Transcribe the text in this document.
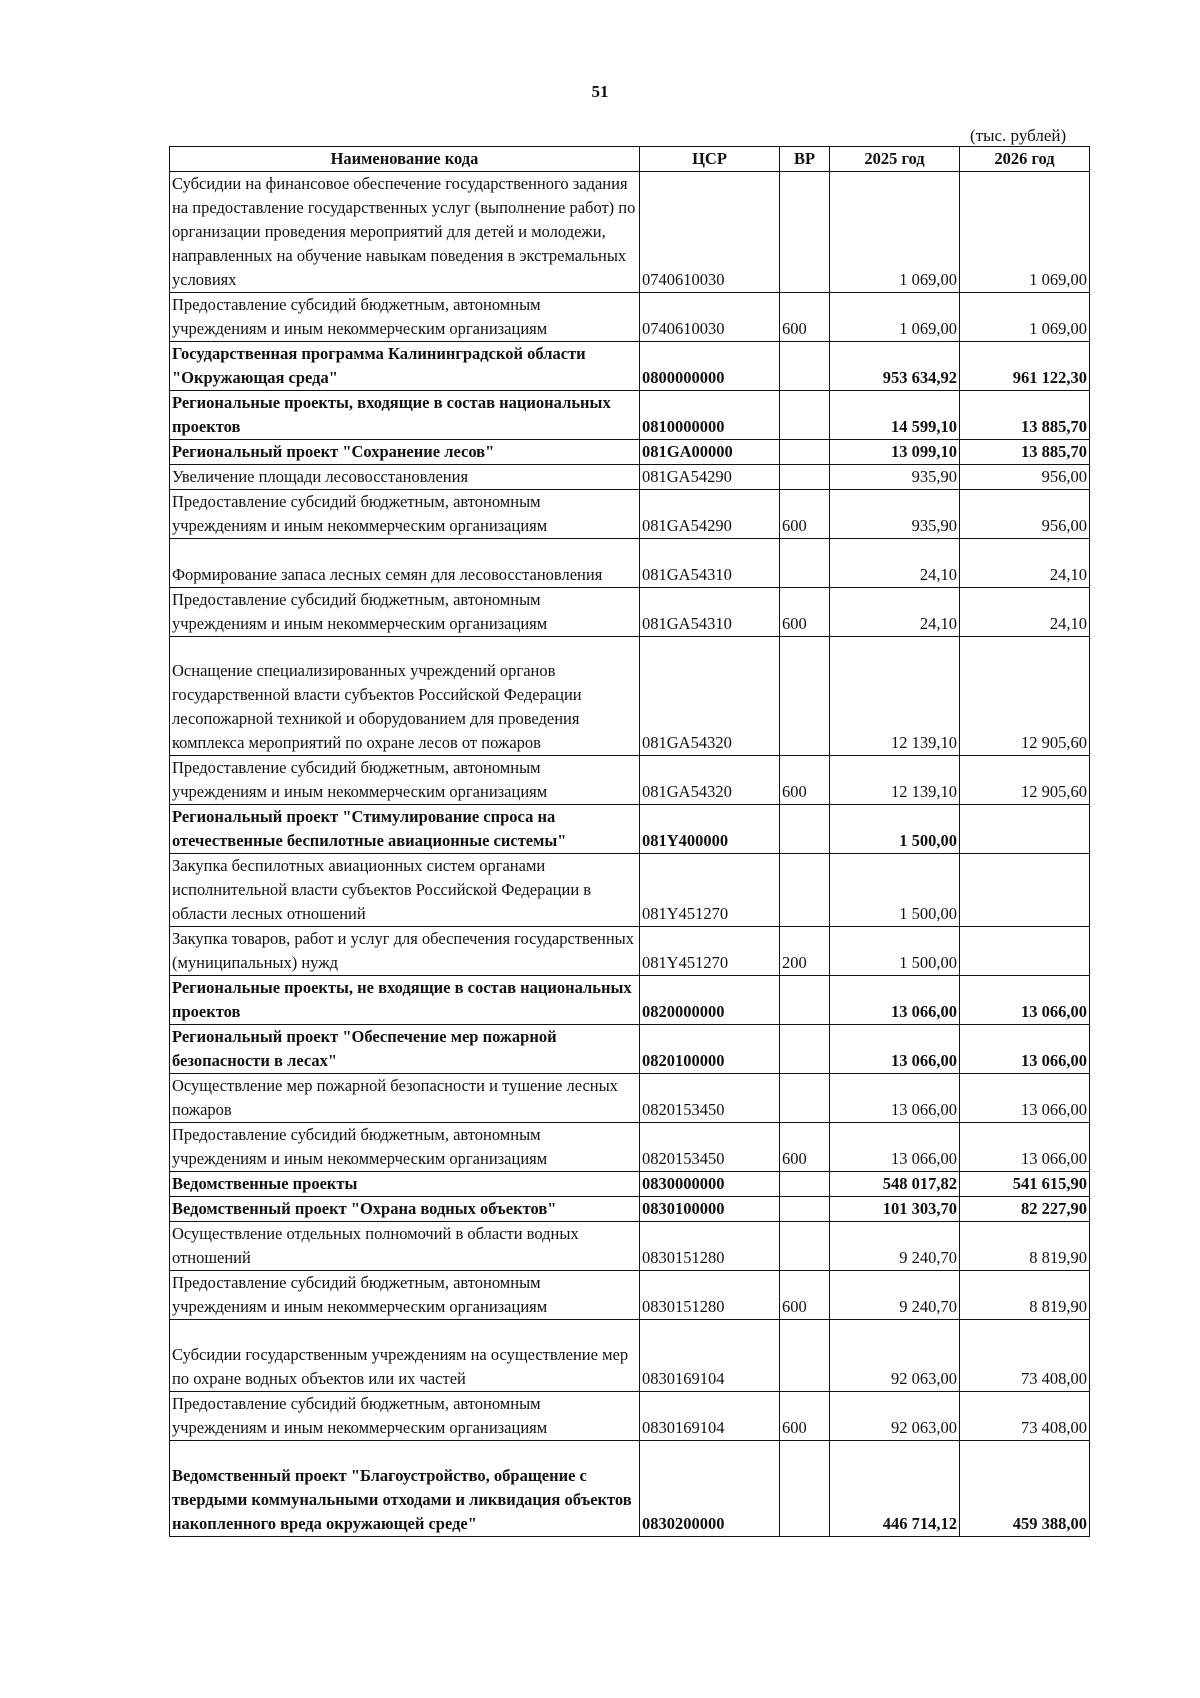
51
(тыс. рублей)
Наименование кода	ЦСР	ВР	2025 год	2026 год
Субсидии на финансовое обеспечение государственного задания на предоставление государственных услуг (выполнение работ) по организации проведения мероприятий для детей и молодежи, направленных на обучение навыкам поведения в экстремальных условиях	0740610030		1 069,00	1 069,00
Предоставление субсидий бюджетным, автономным учреждениям и иным некоммерческим организациям	0740610030	600	1 069,00	1 069,00
Государственная программа Калининградской области "Окружающая среда"	0800000000		953 634,92	961 122,30
Региональные проекты, входящие в состав национальных проектов	0810000000		14 599,10	13 885,70
Региональный проект "Сохранение лесов"	081GA00000		13 099,10	13 885,70
Увеличение площади лесовосстановления	081GA54290		935,90	956,00
Предоставление субсидий бюджетным, автономным учреждениям и иным некоммерческим организациям	081GA54290	600	935,90	956,00
Формирование запаса лесных семян для лесовосстановления	081GA54310		24,10	24,10
Предоставление субсидий бюджетным, автономным учреждениям и иным некоммерческим организациям	081GA54310	600	24,10	24,10
Оснащение специализированных учреждений органов государственной власти субъектов Российской Федерации лесопожарной техникой и оборудованием для проведения комплекса мероприятий по охране лесов от пожаров	081GA54320		12 139,10	12 905,60
Предоставление субсидий бюджетным, автономным учреждениям и иным некоммерческим организациям	081GA54320	600	12 139,10	12 905,60
Региональный проект "Стимулирование спроса на отечественные беспилотные авиационные системы"	081Y400000		1 500,00	
Закупка беспилотных авиационных систем органами исполнительной власти субъектов Российской Федерации в области лесных отношений	081Y451270		1 500,00	
Закупка товаров, работ и услуг для обеспечения государственных (муниципальных) нужд	081Y451270	200	1 500,00	
Региональные проекты, не входящие в состав национальных проектов	0820000000		13 066,00	13 066,00
Региональный проект "Обеспечение мер пожарной безопасности в лесах"	0820100000		13 066,00	13 066,00
Осуществление мер пожарной безопасности и тушение лесных пожаров	0820153450		13 066,00	13 066,00
Предоставление субсидий бюджетным, автономным учреждениям и иным некоммерческим организациям	0820153450	600	13 066,00	13 066,00
Ведомственные проекты	0830000000		548 017,82	541 615,90
Ведомственный проект "Охрана водных объектов"	0830100000		101 303,70	82 227,90
Осуществление отдельных полномочий в области водных отношений	0830151280		9 240,70	8 819,90
Предоставление субсидий бюджетным, автономным учреждениям и иным некоммерческим организациям	0830151280	600	9 240,70	8 819,90
Субсидии государственным учреждениям на осуществление мер по охране водных объектов или их частей	0830169104		92 063,00	73 408,00
Предоставление субсидий бюджетным, автономным учреждениям и иным некоммерческим организациям	0830169104	600	92 063,00	73 408,00
Ведомственный проект "Благоустройство, обращение с твердыми коммунальными отходами и ликвидация объектов накопленного вреда окружающей среде"	0830200000		446 714,12	459 388,00
